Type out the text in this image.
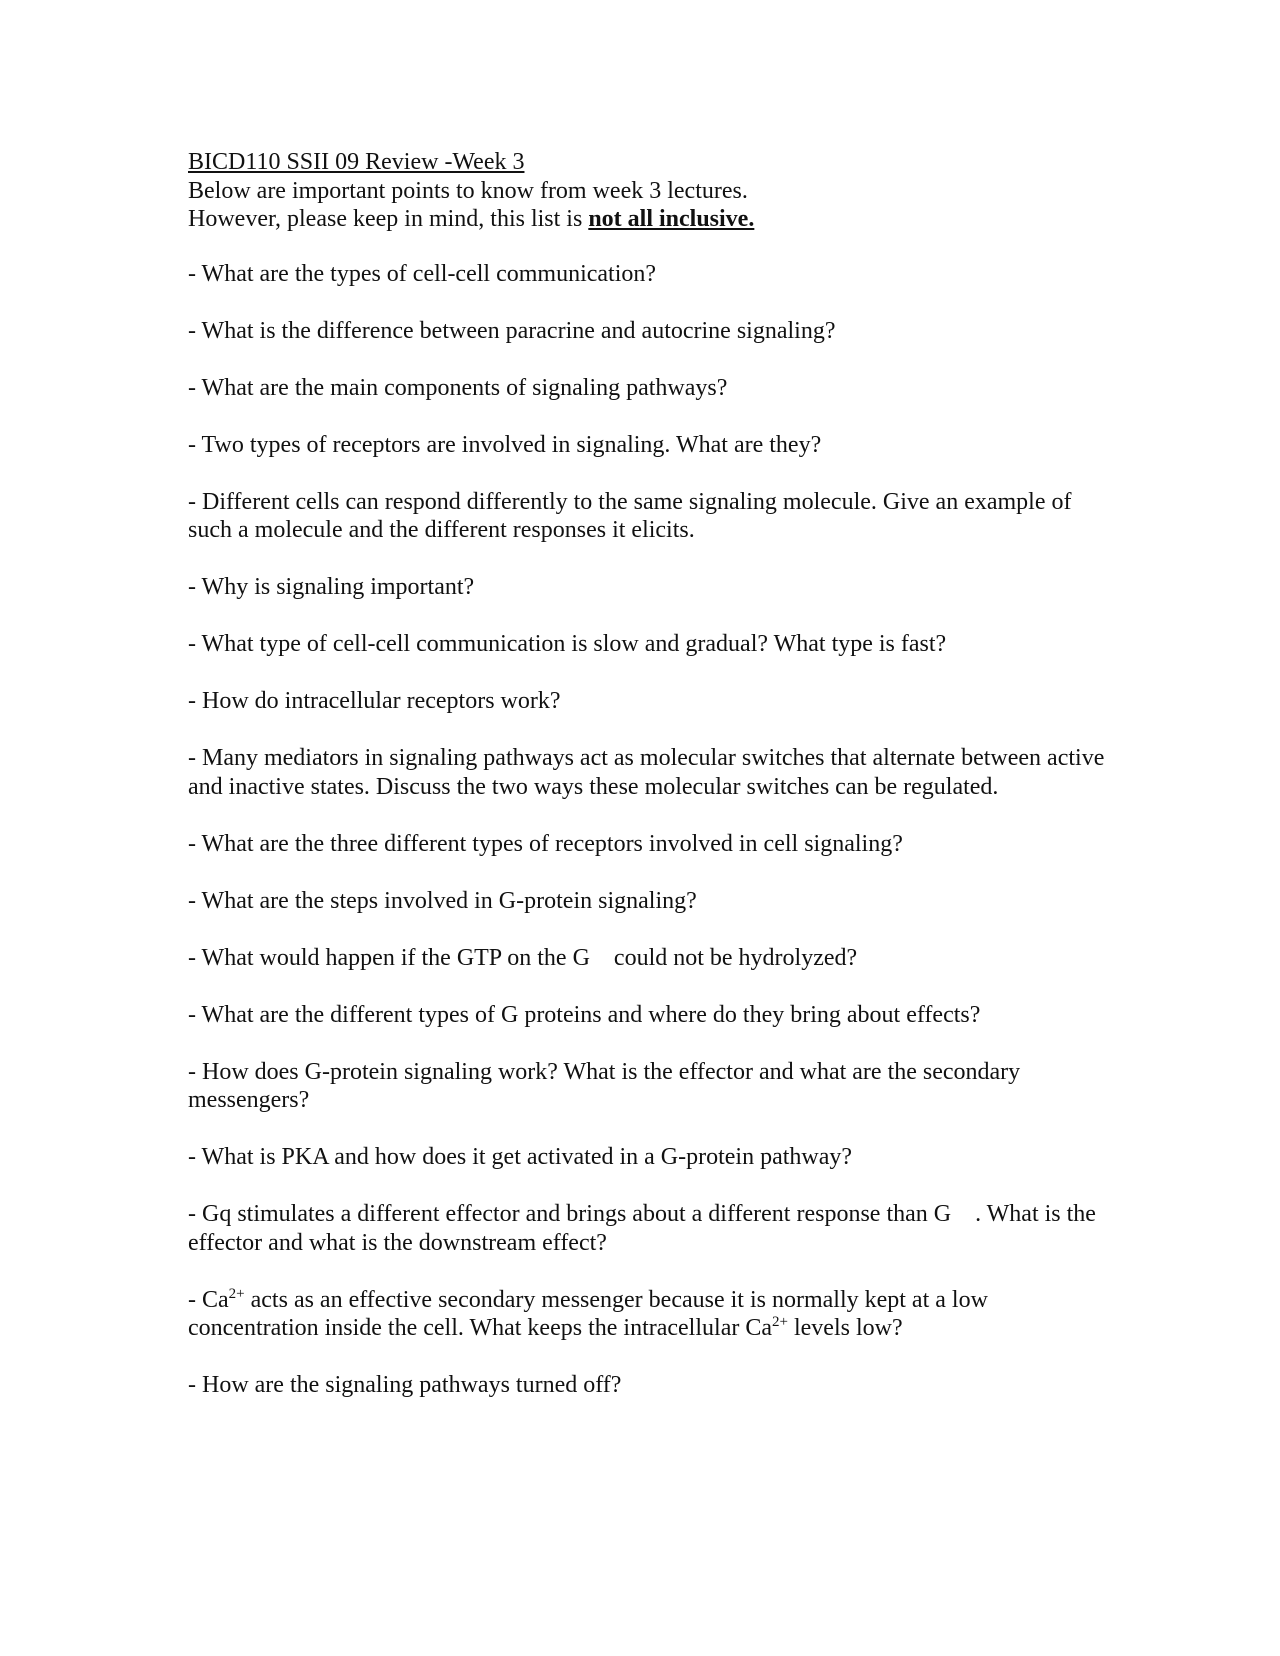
BICD110 SSII 09 Review -Week 3

Below are important points to know from week 3 lectures.

However, please keep in mind, this list is not all inclusive.

- What are the types of cell-cell communication?
- What is the difference between paracrine and autocrine signaling?
- What are the main components of signaling pathways?
- Two types of receptors are involved in signaling. What are they?
- Different cells can respond differently to the same signaling molecule. Give an example of such a molecule and the different responses it elicits.
- Why is signaling important?
- What type of cell-cell communication is slow and gradual? What type is fast?
- How do intracellular receptors work?
- Many mediators in signaling pathways act as molecular switches that alternate between active and inactive states. Discuss the two ways these molecular switches can be regulated.
- What are the three different types of receptors involved in cell signaling?
- What are the steps involved in G-protein signaling?
- What would happen if the GTP on the G    could not be hydrolyzed?
- What are the different types of G proteins and where do they bring about effects?
- How does G-protein signaling work? What is the effector and what are the secondary messengers?
- What is PKA and how does it get activated in a G-protein pathway?
- Gq stimulates a different effector and brings about a different response than G    . What is the effector and what is the downstream effect?
- $Ca^{2+}$ acts as an effective secondary messenger because it is normally kept at a low concentration inside the cell. What keeps the intracellular $Ca^{2+}$ levels low?
- How are the signaling pathways turned off?
